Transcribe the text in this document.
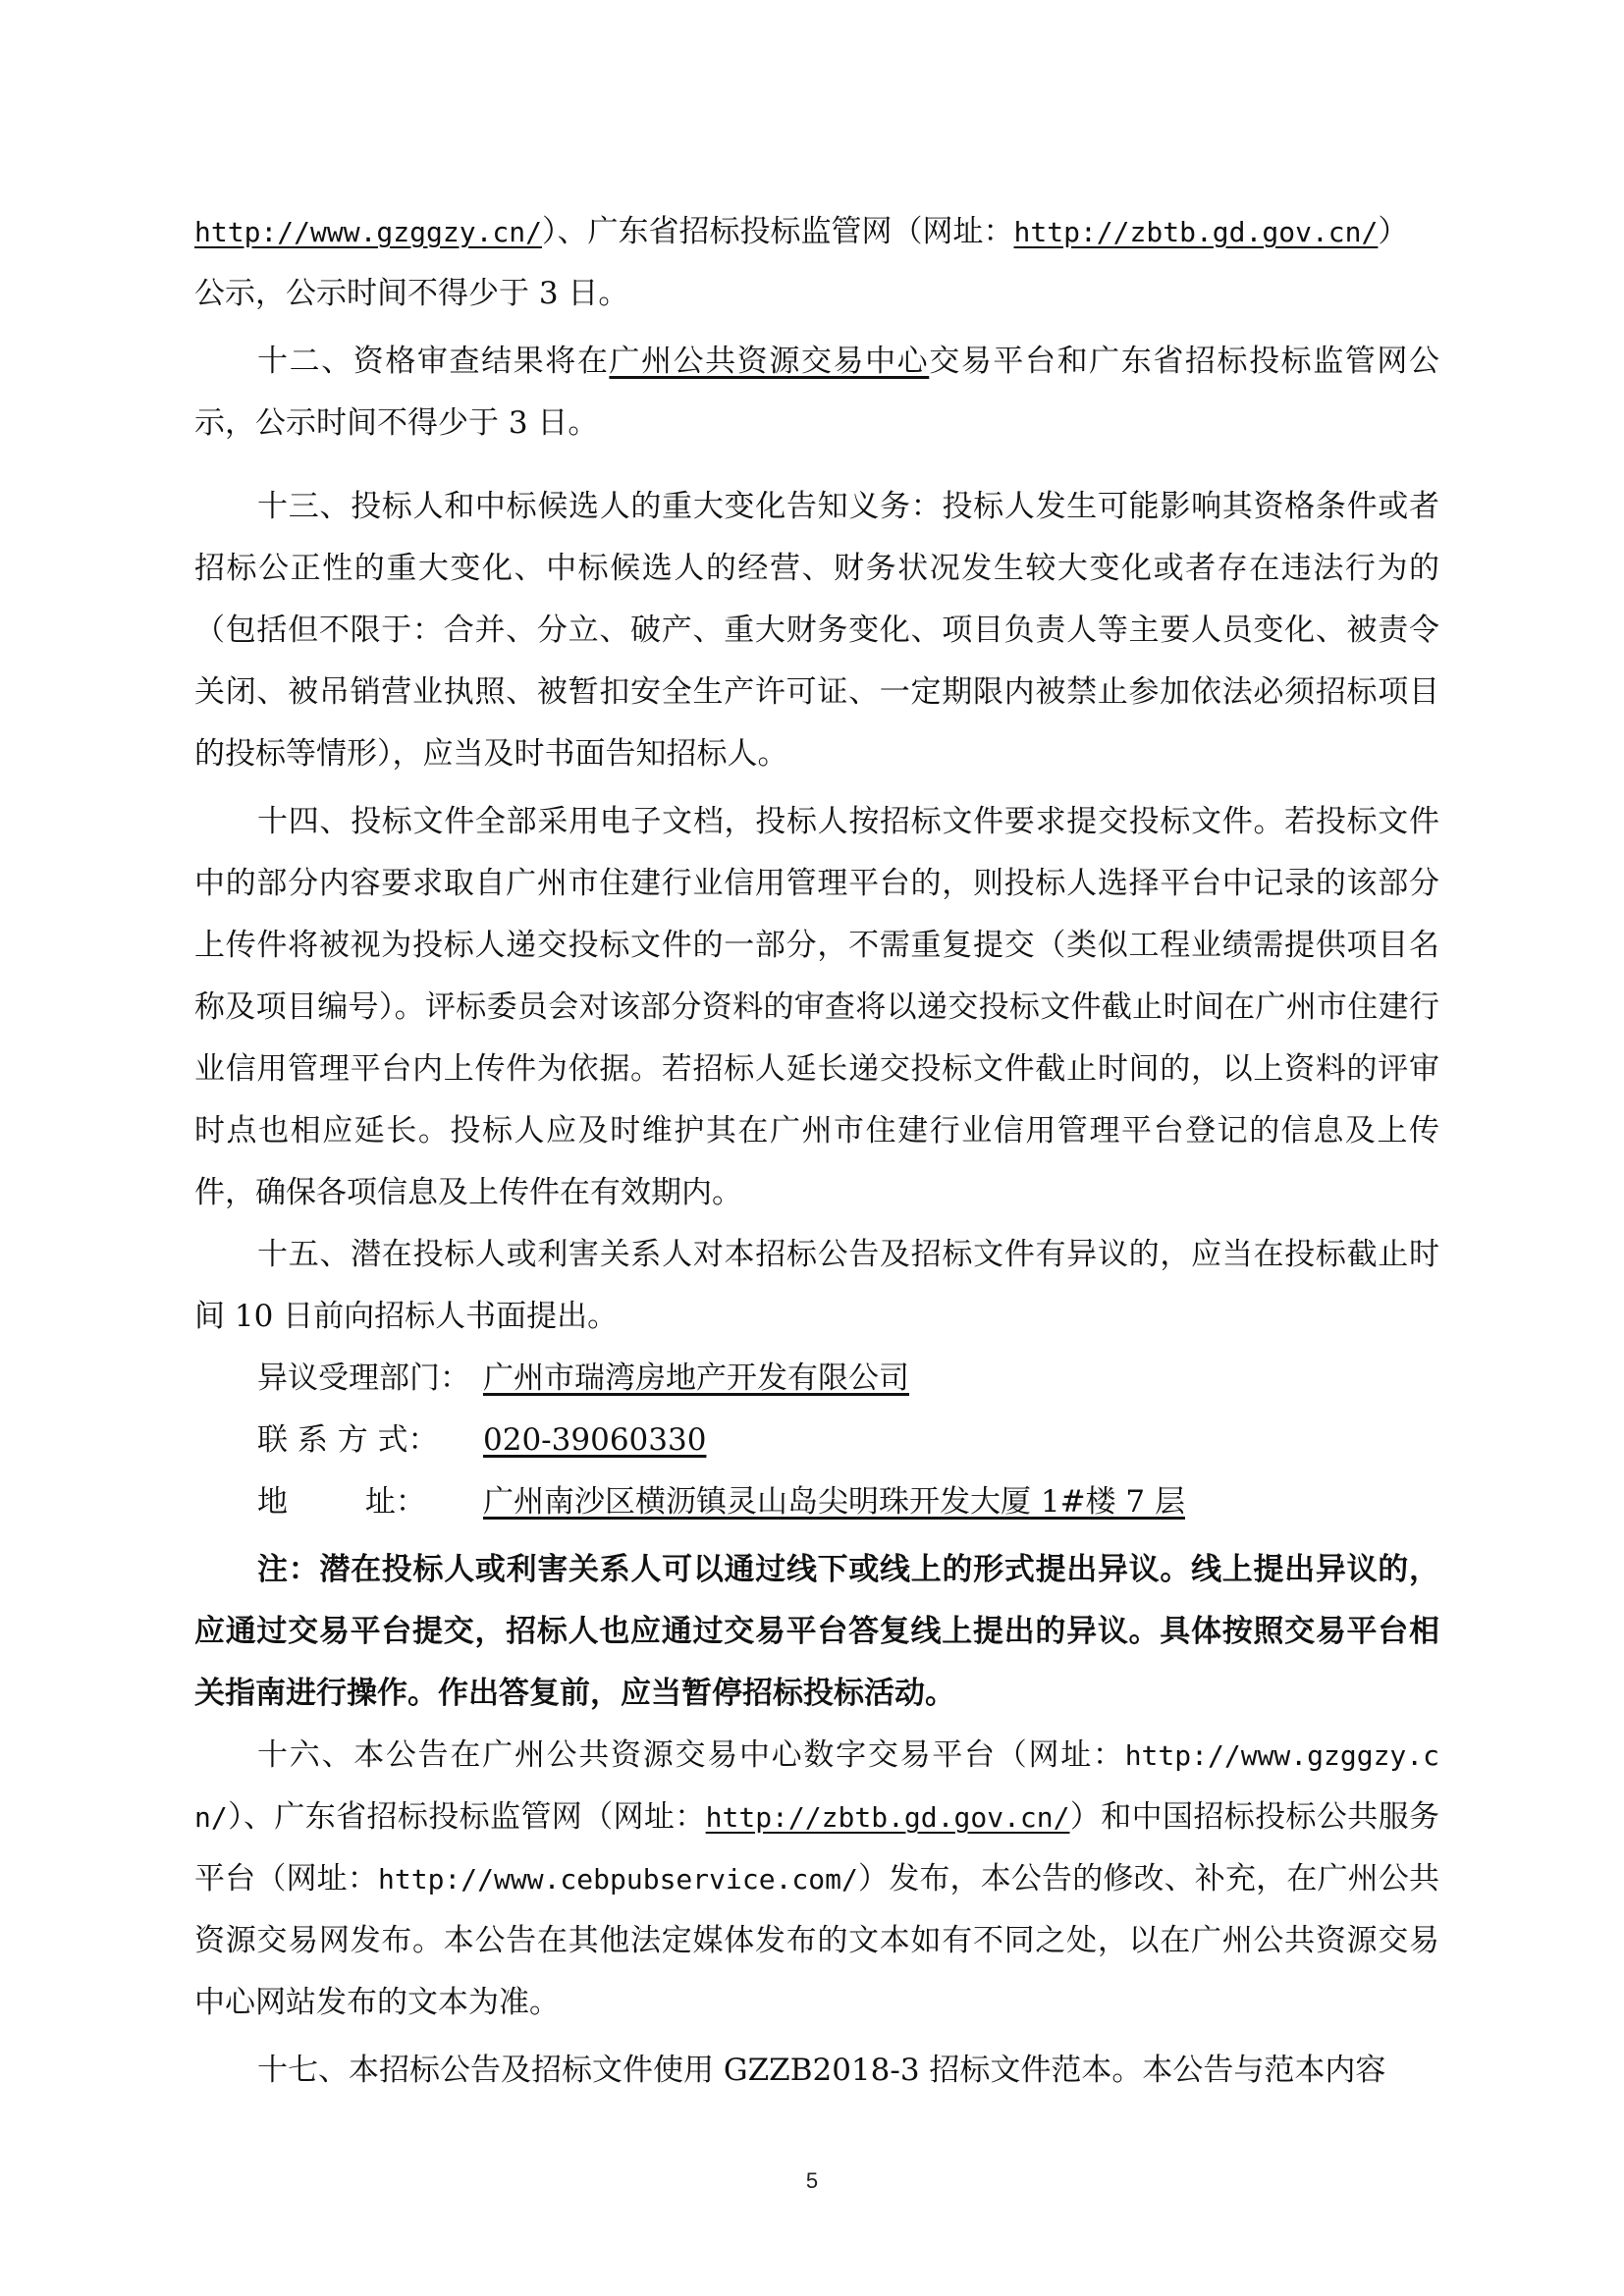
http://www.gzggzy.cn/）、广东省招标投标监管网（网址：http://zbtb.gd.gov.cn/）
公示，公示时间不得少于 3 日。

十二、资格审查结果将在广州公共资源交易中心交易平台和广东省招标投标监管网公示，公示时间不得少于 3 日。

十三、投标人和中标候选人的重大变化告知义务：投标人发生可能影响其资格条件或者招标公正性的重大变化、中标候选人的经营、财务状况发生较大变化或者存在违法行为的（包括但不限于：合并、分立、破产、重大财务变化、项目负责人等主要人员变化、被责令关闭、被吊销营业执照、被暂扣安全生产许可证、一定期限内被禁止参加依法必须招标项目的投标等情形），应当及时书面告知招标人。

十四、投标文件全部采用电子文档，投标人按招标文件要求提交投标文件。若投标文件中的部分内容要求取自广州市住建行业信用管理平台的，则投标人选择平台中记录的该部分上传件将被视为投标人递交投标文件的一部分，不需重复提交（类似工程业绩需提供项目名称及项目编号）。评标委员会对该部分资料的审查将以递交投标文件截止时间在广州市住建行业信用管理平台内上传件为依据。若招标人延长递交投标文件截止时间的，以上资料的评审时点也相应延长。投标人应及时维护其在广州市住建行业信用管理平台登记的信息及上传件，确保各项信息及上传件在有效期内。

十五、潜在投标人或利害关系人对本招标公告及招标文件有异议的，应当在投标截止时间 10 日前向招标人书面提出。

异议受理部门： 广州市瑞湾房地产开发有限公司

联 系 方 式： 020-39060330

地        址： 广州南沙区横沥镇灵山岛尖明珠开发大厦 1#楼 7 层

注：潜在投标人或利害关系人可以通过线下或线上的形式提出异议。线上提出异议的，应通过交易平台提交，招标人也应通过交易平台答复线上提出的异议。具体按照交易平台相关指南进行操作。作出答复前，应当暂停招标投标活动。

十六、本公告在广州公共资源交易中心数字交易平台（网址：http://www.gzggzy.cn/）、广东省招标投标监管网（网址：http://zbtb.gd.gov.cn/）和中国招标投标公共服务平台（网址：http://www.cebpubservice.com/）发布，本公告的修改、补充，在广州公共资源交易网发布。本公告在其他法定媒体发布的文本如有不同之处，以在广州公共资源交易中心网站发布的文本为准。

十七、本招标公告及招标文件使用 GZZB2018-3 招标文件范本。本公告与范本内容

5
